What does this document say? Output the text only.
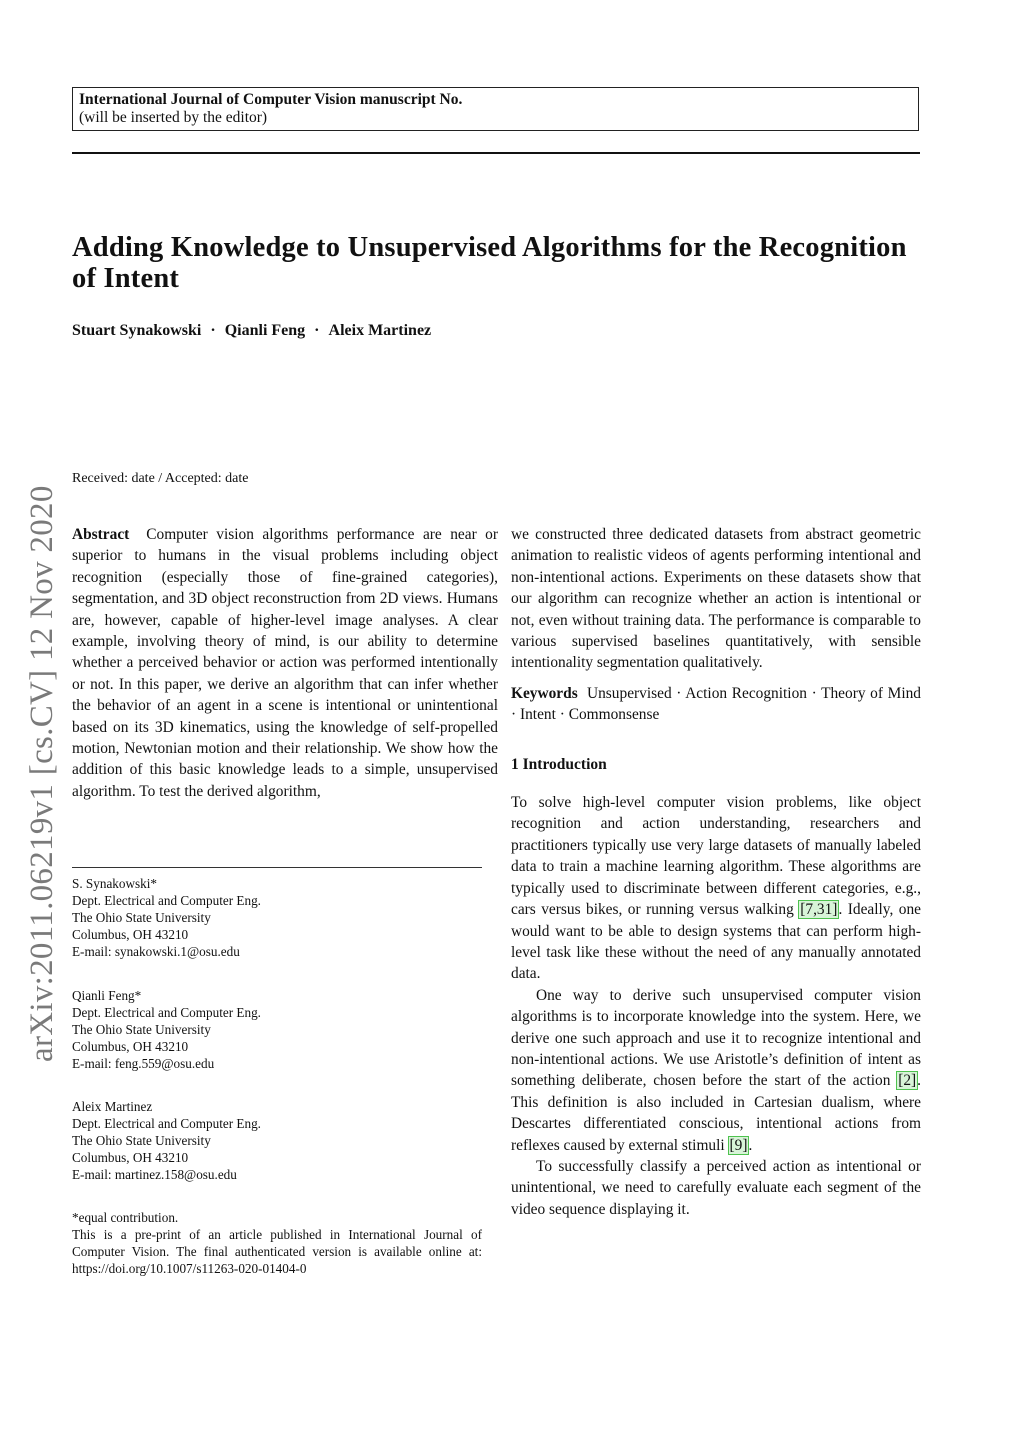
International Journal of Computer Vision manuscript No.
(will be inserted by the editor)
Adding Knowledge to Unsupervised Algorithms for the Recognition of Intent

Stuart Synakowski · Qianli Feng · Aleix Martinez

Received: date / Accepted: date

arXiv:2011.06219v1 [cs.CV] 12 Nov 2020 Abstract Computer vision algorithms performance are near or superior to humans in the visual problems including object recognition (especially those of fine-grained categories), segmentation, and 3D object reconstruction from 2D views. Humans are, however, capable of higher-level image analyses. A clear example, involving theory of mind, is our ability to determine whether a perceived behavior or action was performed intentionally or not. In this paper, we derive an algorithm that can infer whether the behavior of an agent in a scene is intentional or unintentional based on its 3D kinematics, using the knowledge of self-propelled motion, Newtonian motion and their relationship. We show how the addition of this basic knowledge leads to a simple, unsupervised algorithm. To test the derived algorithm,

S. Synakowski*
Dept. Electrical and Computer Eng.
The Ohio State University
Columbus, OH 43210
E-mail: synakowski.1@osu.edu
Qianli Feng*
Dept. Electrical and Computer Eng.
The Ohio State University
Columbus, OH 43210
E-mail: feng.559@osu.edu
Aleix Martinez
Dept. Electrical and Computer Eng.
The Ohio State University
Columbus, OH 43210
E-mail: martinez.158@osu.edu

*equal contribution.

This is a pre-print of an article published in International Journal of Computer Vision. The final authenticated version is available online at: https://doi.org/10.1007/s11263-020-01404-0

we constructed three dedicated datasets from abstract geometric animation to realistic videos of agents performing intentional and non-intentional actions. Experiments on these datasets show that our algorithm can recognize whether an action is intentional or not, even without training data. The performance is comparable to various supervised baselines quantitatively, with sensible intentionality segmentation qualitatively.

Keywords Unsupervised · Action Recognition · Theory of Mind · Intent · Commonsense

1 Introduction

To solve high-level computer vision problems, like object recognition and action understanding, researchers and practitioners typically use very large datasets of manually labeled data to train a machine learning algorithm. These algorithms are typically used to discriminate between different categories, e.g., cars versus bikes, or running versus walking [7,31]. Ideally, one would want to be able to design systems that can perform high-level task like these without the need of any manually annotated data.

One way to derive such unsupervised computer vision algorithms is to incorporate knowledge into the system. Here, we derive one such approach and use it to recognize intentional and non-intentional actions. We use Aristotle’s definition of intent as something deliberate, chosen before the start of the action [2]. This definition is also included in Cartesian dualism, where Descartes differentiated conscious, intentional actions from reflexes caused by external stimuli [9].

To successfully classify a perceived action as intentional or unintentional, we need to carefully evaluate each segment of the video sequence displaying it.
